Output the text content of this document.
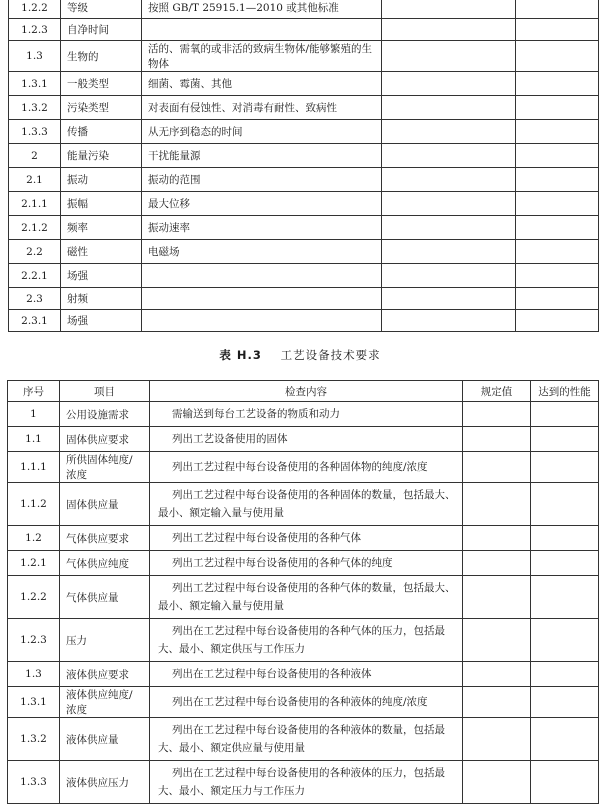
1.2.2	等级	按照 GB/T 25915.1—2010 或其他标准		
1.2.3	自净时间			
1.3	生物的	活的、需氧的或非活的致病生物体/能够繁殖的生物体		
1.3.1	一般类型	细菌、霉菌、其他		
1.3.2	污染类型	对表面有侵蚀性、对消毒有耐性、致病性		
1.3.3	传播	从无序到稳态的时间		
2	能量污染	干扰能量源		
2.1	振动	振动的范围		
2.1.1	振幅	最大位移		
2.1.2	频率	振动速率		
2.2	磁性	电磁场		
2.2.1	场强			
2.3	射频			
2.3.1	场强			
表 H.3 工艺设备技术要求
序号	项目	检查内容	规定值	达到的性能
1	公用设施需求	需输送到每台工艺设备的物质和动力		
1.1	固体供应要求	列出工艺设备使用的固体		
1.1.1	所供固体纯度/浓度	列出工艺过程中每台设备使用的各种固体物的纯度/浓度		
1.1.2	固体供应量	列出工艺过程中每台设备使用的各种固体的数量，包括最大、最小、额定输入量与使用量		
1.2	气体供应要求	列出工艺过程中每台设备使用的各种气体		
1.2.1	气体供应纯度	列出工艺过程中每台设备使用的各种气体的纯度		
1.2.2	气体供应量	列出工艺过程中每台设备使用的各种气体的数量，包括最大、最小、额定输入量与使用量		
1.2.3	压力	列出在工艺过程中每台设备使用的各种气体的压力，包括最大、最小、额定供压与工作压力		
1.3	液体供应要求	列出在工艺过程中每台设备使用的各种液体		
1.3.1	液体供应纯度/浓度	列出在工艺过程中每台设备使用的各种液体的纯度/浓度		
1.3.2	液体供应量	列出在工艺过程中每台设备使用的各种液体的数量，包括最大、最小、额定供应量与使用量		
1.3.3	液体供应压力	列出在工艺过程中每台设备使用的各种液体的压力，包括最大、最小、额定压力与工作压力		
